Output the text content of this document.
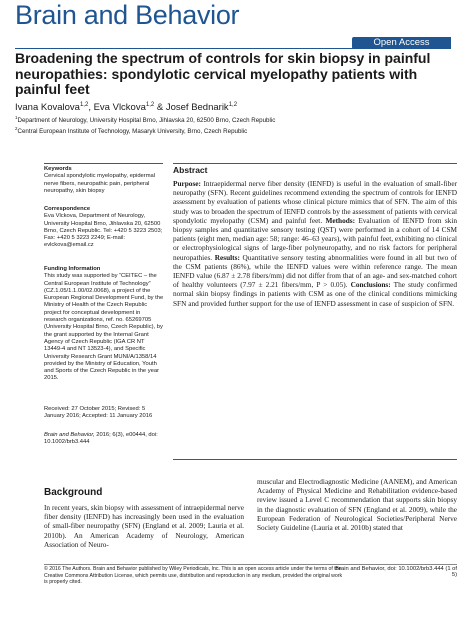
Brain and Behavior
Open Access
Broadening the spectrum of controls for skin biopsy in painful neuropathies: spondylotic cervical myelopathy patients with painful feet
Ivana Kovalova$^{1,2}$, Eva Vlckova$^{1,2}$ & Josef Bednarik$^{1,2}$
$^1$Department of Neurology, University Hospital Brno, Jihlavska 20, 62500 Brno, Czech Republic
$^2$Central European Institute of Technology, Masaryk University, Brno, Czech Republic
Keywords
Cervical spondylotic myelopathy, epidermal nerve fibers, neuropathic pain, peripheral neuropathy, skin biopsy
Correspondence
Eva Vlckova, Department of Neurology, University Hospital Brno, Jihlavska 20, 62500 Brno, Czech Republic. Tel: +420 5 3223 2503; Fax: +420 5 3223 2249; E-mail: evlckova@email.cz
Funding Information
This study was supported by “CEITEC – the Central European Institute of Technology” (CZ.1.05/1.1.00/02.0068), a project of the European Regional Development Fund, by the Ministry of Health of the Czech Republic project for conceptual development in research organizations, ref. no. 65269705 (University Hospital Brno, Czech Republic), by the grant supported by the Internal Grant Agency of Czech Republic (IGA CR NT 13449-4 and NT 13523-4), and Specific University Research Grant MUNI/A/1358/14 provided by the Ministry of Education, Youth and Sports of the Czech Republic in the year 2015.
Received: 27 October 2015; Revised: 5 January 2016; Accepted: 11 January 2016
Brain and Behavior, 2016; 6(3), e00444, doi: 10.1002/brb3.444
Abstract
Purpose: Intraepidermal nerve fiber density (IENFD) is useful in the evaluation of small-fiber neuropathy (SFN). Recent guidelines recommend extending the spectrum of controls for IENFD assessment by evaluation of patients whose clinical picture mimics that of SFN. The aim of this study was to broaden the spectrum of IENFD controls by the assessment of patients with cervical spondylotic myelopathy (CSM) and painful feet. Methods: Evaluation of IENFD from skin biopsy samples and quantitative sensory testing (QST) were performed in a cohort of 14 CSM patients (eight men, median age: 58; range: 46–63 years), with painful feet, exhibiting no clinical or electrophysiological signs of large-fiber polyneuropathy, and no risk factors for peripheral neuropathies. Results: Quantitative sensory testing abnormalities were found in all but two of the CSM patients (86%), while the IENFD values were within reference range. The mean IENFD value (6.87 ± 2.78 fibers/mm) did not differ from that of an age- and sex-matched cohort of healthy volunteers (7.97 ± 2.21 fibers/mm, P > 0.05). Conclusions: The study confirmed normal skin biopsy findings in patients with CSM as one of the clinical conditions mimicking SFN and provided further support for the use of IENFD assessment in case of suspicion of SFN.
Background
In recent years, skin biopsy with assessment of intraepidermal nerve fiber density (IENFD) has increasingly been used in the evaluation of small-fiber neuropathy (SFN) (England et al. 2009; Lauria et al. 2010b). An American Academy of Neurology, American Association of Neuro-
muscular and Electrodiagnostic Medicine (AANEM), and American Academy of Physical Medicine and Rehabilitation evidence-based review issued a Level C recommendation that supports skin biopsy in the diagnostic evaluation of SFN (England et al. 2009), while the European Federation of Neurological Societies/Peripheral Nerve Society Guideline (Lauria et al. 2010b) stated that
© 2016 The Authors. Brain and Behavior published by Wiley Periodicals, Inc. This is an open access article under the terms of the Creative Commons Attribution License, which permits use, distribution and reproduction in any medium, provided the original work is properly cited.
Brain and Behavior, doi: 10.1002/brb3.444 (1 of 5)
